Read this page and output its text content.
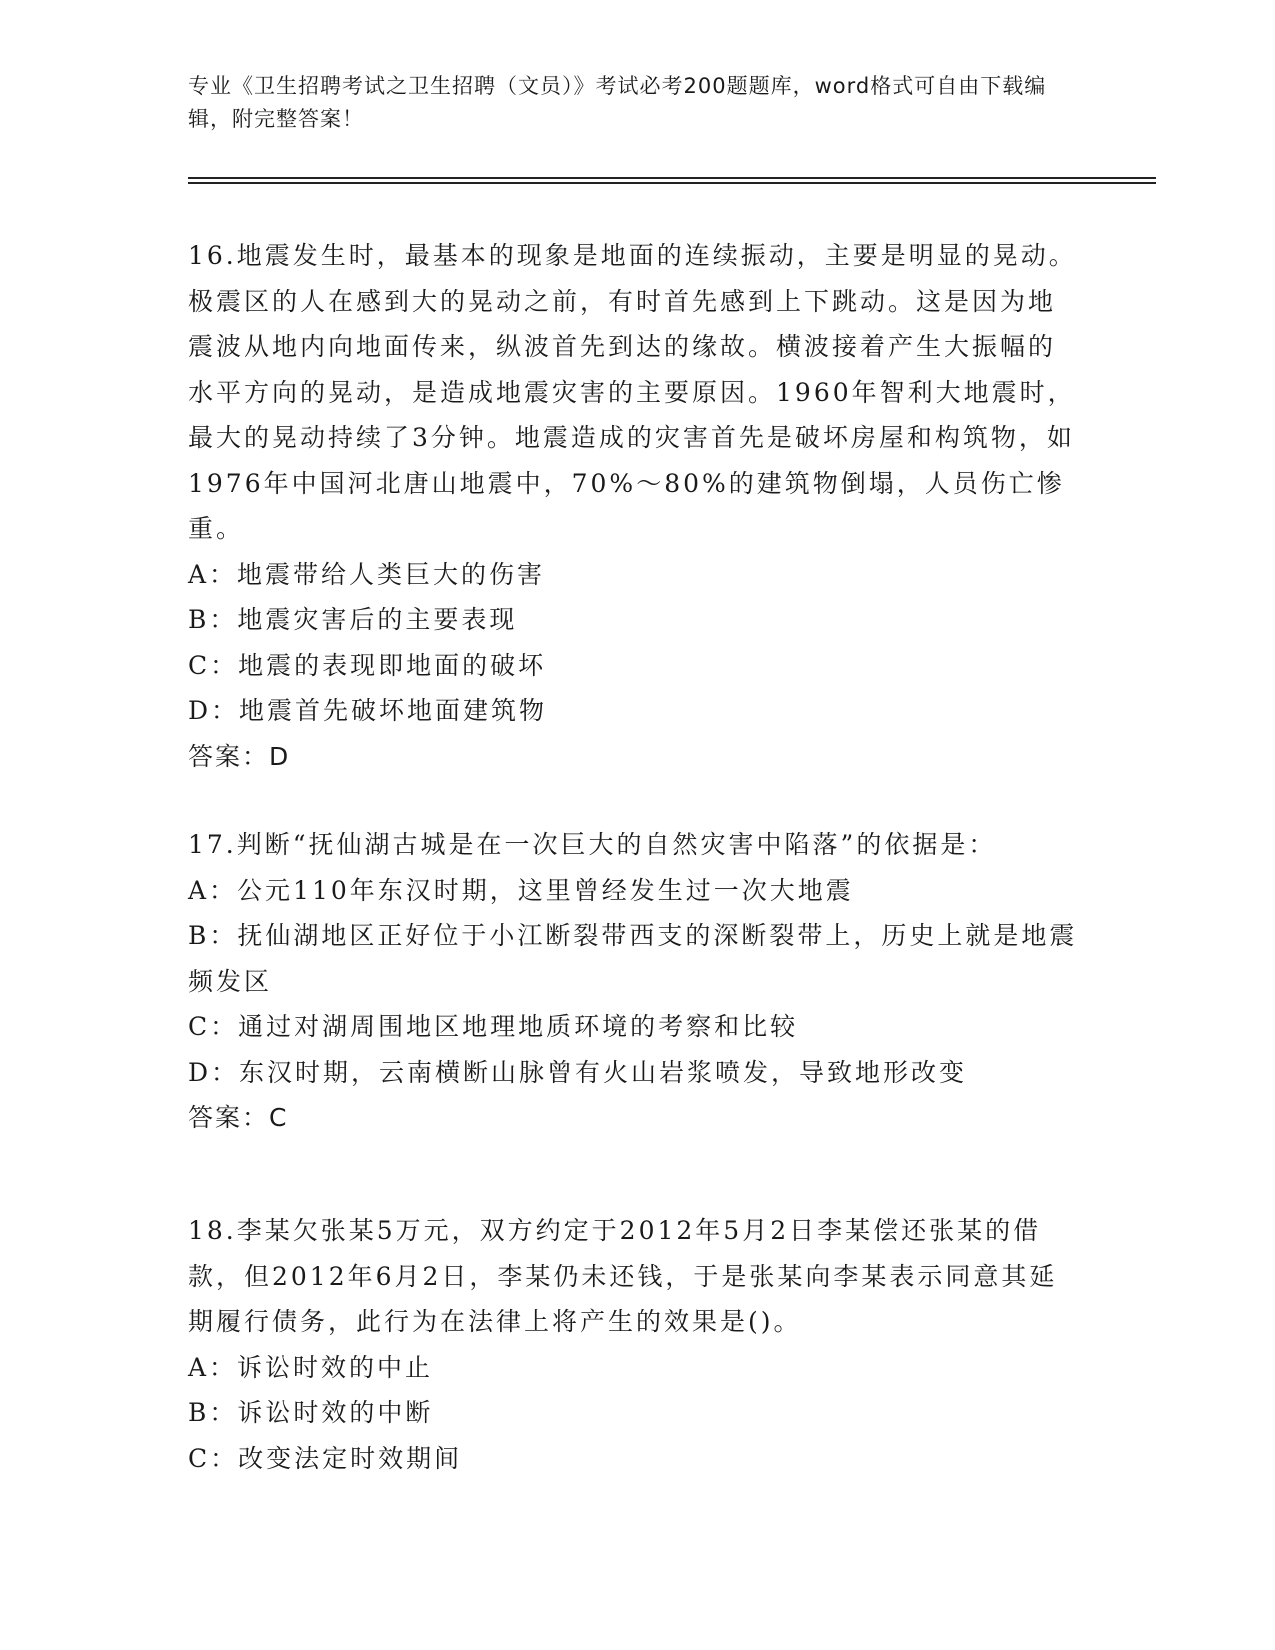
专业《卫生招聘考试之卫生招聘（文员）》考试必考200题题库，word格式可自由下载编辑，附完整答案！

16.地震发生时，最基本的现象是地面的连续振动，主要是明显的晃动。极震区的人在感到大的晃动之前，有时首先感到上下跳动。这是因为地震波从地内向地面传来，纵波首先到达的缘故。横波接着产生大振幅的水平方向的晃动，是造成地震灾害的主要原因。1960年智利大地震时，最大的晃动持续了3分钟。地震造成的灾害首先是破坏房屋和构筑物，如1976年中国河北唐山地震中，70%～80%的建筑物倒塌，人员伤亡惨重。

A：地震带给人类巨大的伤害

B：地震灾害后的主要表现

C：地震的表现即地面的破坏

D：地震首先破坏地面建筑物

答案：D

17.判断“抚仙湖古城是在一次巨大的自然灾害中陷落”的依据是：

A：公元110年东汉时期，这里曾经发生过一次大地震

B：抚仙湖地区正好位于小江断裂带西支的深断裂带上，历史上就是地震频发区

C：通过对湖周围地区地理地质环境的考察和比较

D：东汉时期，云南横断山脉曾有火山岩浆喷发，导致地形改变

答案：C

18.李某欠张某5万元，双方约定于2012年5月2日李某偿还张某的借款，但2012年6月2日，李某仍未还钱，于是张某向李某表示同意其延期履行债务，此行为在法律上将产生的效果是()。

A：诉讼时效的中止

B：诉讼时效的中断

C：改变法定时效期间
